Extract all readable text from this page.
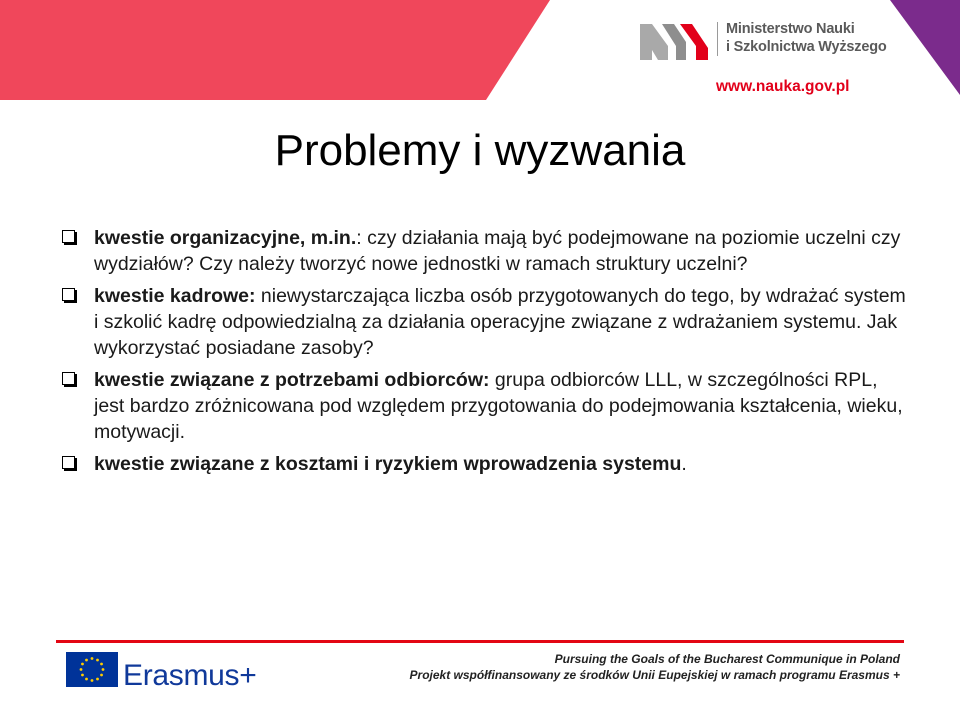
Ministerstwo Nauki
i Szkolnictwa Wyższego
www.nauka.gov.pl
Problemy i wyzwania
kwestie organizacyjne, m.in.: czy działania mają być podejmowane na poziomie uczelni czy wydziałów? Czy należy tworzyć nowe jednostki w ramach struktury uczelni?
kwestie kadrowe: niewystarczająca liczba osób przygotowanych do tego, by wdrażać system i szkolić kadrę odpowiedzialną za działania operacyjne związane z wdrażaniem systemu. Jak wykorzystać posiadane zasoby?
kwestie związane z potrzebami odbiorców: grupa odbiorców LLL, w szczególności RPL, jest bardzo zróżnicowana pod względem przygotowania do podejmowania kształcenia, wieku, motywacji.
kwestie związane z kosztami i ryzykiem wprowadzenia systemu.
Erasmus+	Pursuing the Goals of the Bucharest Communique in Poland
Projekt współfinansowany ze środków Unii Eupejskiej w ramach programu Erasmus +
